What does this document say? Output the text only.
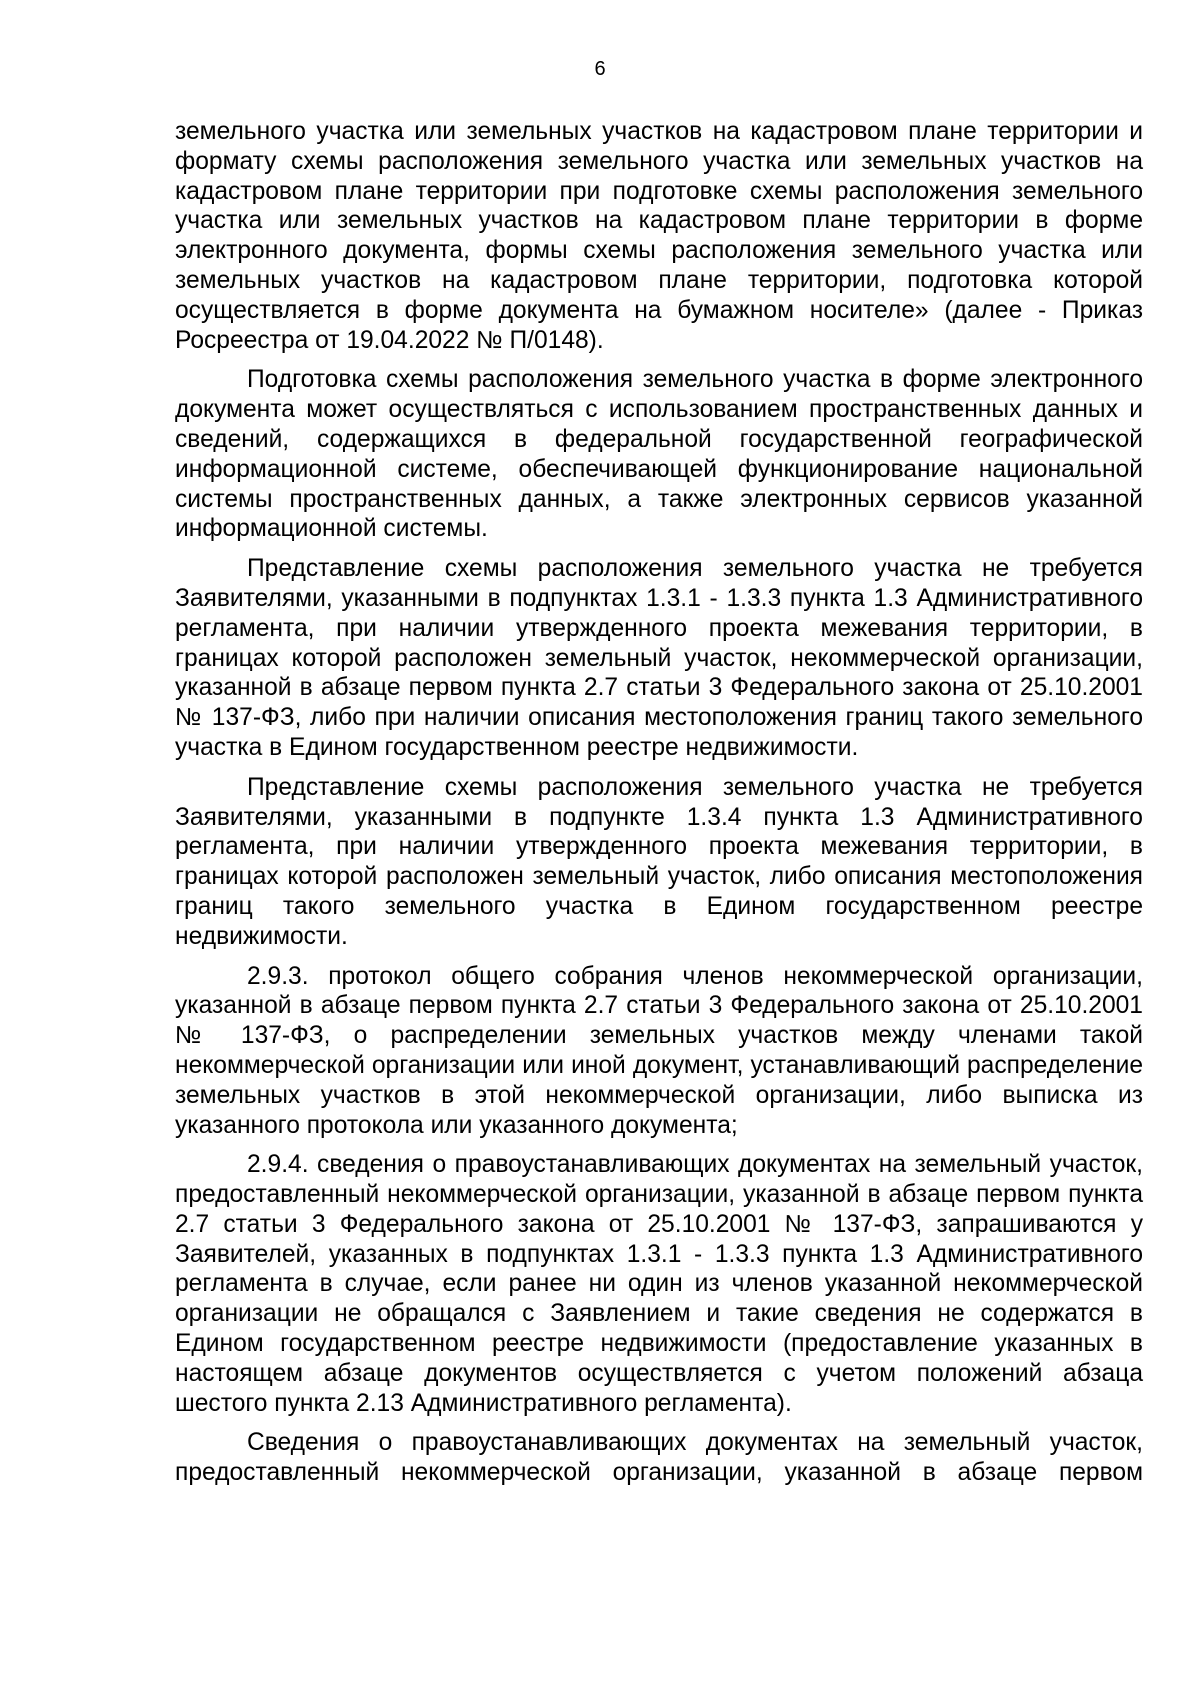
6

земельного участка или земельных участков на кадастровом плане территории и формату схемы расположения земельного участка или земельных участков на кадастровом плане территории при подготовке схемы расположения земельного участка или земельных участков на кадастровом плане территории в форме электронного документа, формы схемы расположения земельного участка или земельных участков на кадастровом плане территории, подготовка которой осуществляется в форме документа на бумажном носителе» (далее - Приказ Росреестра от 19.04.2022 № П/0148).

Подготовка схемы расположения земельного участка в форме электронного документа может осуществляться с использованием пространственных данных и сведений, содержащихся в федеральной государственной географической информационной системе, обеспечивающей функционирование национальной системы пространственных данных, а также электронных сервисов указанной информационной системы.

Представление схемы расположения земельного участка не требуется Заявителями, указанными в подпунктах 1.3.1 - 1.3.3 пункта 1.3 Административного регламента, при наличии утвержденного проекта межевания территории, в границах которой расположен земельный участок, некоммерческой организации, указанной в абзаце первом пункта 2.7 статьи 3 Федерального закона от 25.10.2001 № 137-ФЗ, либо при наличии описания местоположения границ такого земельного участка в Едином государственном реестре недвижимости.

Представление схемы расположения земельного участка не требуется Заявителями, указанными в подпункте 1.3.4 пункта 1.3 Административного регламента, при наличии утвержденного проекта межевания территории, в границах которой расположен земельный участок, либо описания местоположения границ такого земельного участка в Едином государственном реестре недвижимости.

2.9.3. протокол общего собрания членов некоммерческой организации, указанной в абзаце первом пункта 2.7 статьи 3 Федерального закона от 25.10.2001 № 137-ФЗ, о распределении земельных участков между членами такой некоммерческой организации или иной документ, устанавливающий распределение земельных участков в этой некоммерческой организации, либо выписка из указанного протокола или указанного документа;

2.9.4. сведения о правоустанавливающих документах на земельный участок, предоставленный некоммерческой организации, указанной в абзаце первом пункта 2.7 статьи 3 Федерального закона от 25.10.2001 № 137-ФЗ, запрашиваются у Заявителей, указанных в подпунктах 1.3.1 - 1.3.3 пункта 1.3 Административного регламента в случае, если ранее ни один из членов указанной некоммерческой организации не обращался с Заявлением и такие сведения не содержатся в Едином государственном реестре недвижимости (предоставление указанных в настоящем абзаце документов осуществляется с учетом положений абзаца шестого пункта 2.13 Административного регламента).

Сведения о правоустанавливающих документах на земельный участок, предоставленный некоммерческой организации, указанной в абзаце первом
